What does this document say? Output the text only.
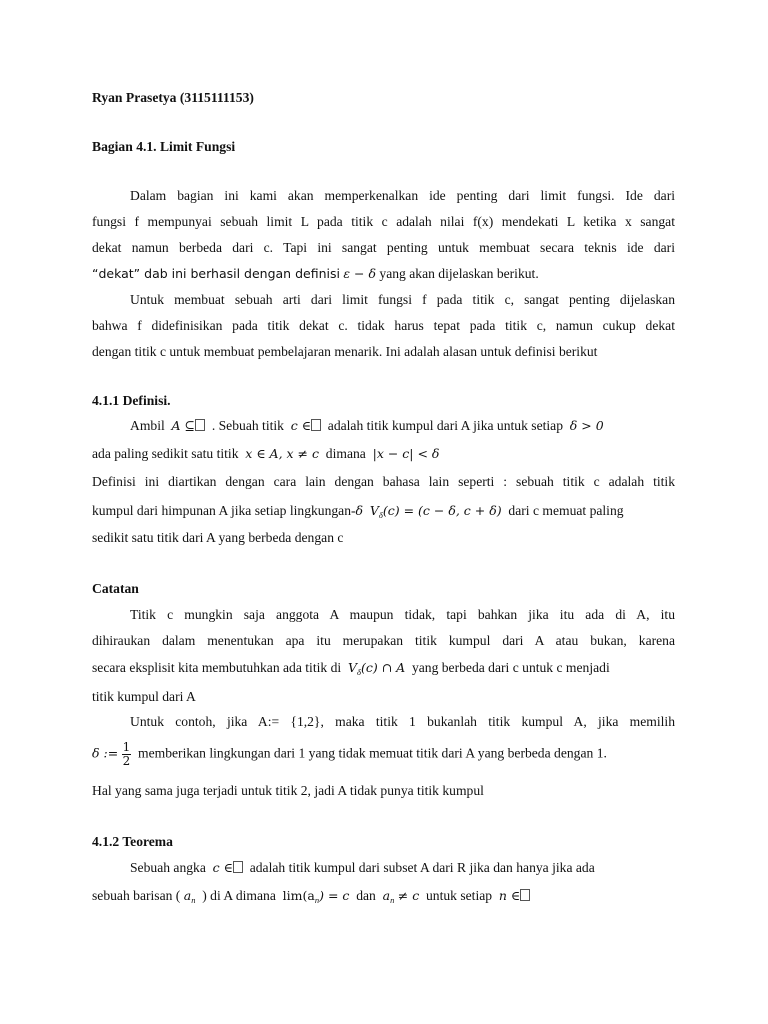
Ryan Prasetya (3115111153)
Bagian 4.1. Limit Fungsi
Dalam bagian ini kami akan memperkenalkan ide penting dari limit fungsi. Ide dari
fungsi f mempunyai sebuah limit L pada titik c adalah nilai f(x) mendekati L ketika x sangat
dekat namun berbeda dari c. Tapi ini sangat penting untuk membuat secara teknis ide dari
“dekat” dab ini berhasil dengan definisi ε − δ yang akan dijelaskan berikut.
Untuk membuat sebuah arti dari limit fungsi f pada titik c, sangat penting dijelaskan
bahwa f didefinisikan pada titik dekat c. tidak harus tepat pada titik c, namun cukup dekat
dengan titik c untuk membuat pembelajaran menarik. Ini adalah alasan untuk definisi berikut
4.1.1 Definisi.
Ambil A ⊆ . Sebuah titik c ∈ adalah titik kumpul dari A jika untuk setiap δ > 0
ada paling sedikit satu titik x ∈ A, x ≠ c dimana |x − c| < δ
Definisi ini diartikan dengan cara lain dengan bahasa lain seperti : sebuah titik c adalah titik
kumpul dari himpunan A jika setiap lingkungan-δ $V_\delta(c) = (c - \delta$, c + δ) dari c memuat paling
sedikit satu titik dari A yang berbeda dengan c
Catatan
Titik c mungkin saja anggota A maupun tidak, tapi bahkan jika itu ada di A, itu
dihiraukan dalam menentukan apa itu merupakan titik kumpul dari A atau bukan, karena
secara eksplisit kita membutuhkan ada titik di $V_\delta(c)$ ∩ A yang berbeda dari c untuk c menjadi
titik kumpul dari A
Untuk contoh, jika A:= {1,2}, maka titik 1 bukanlah titik kumpul A, jika memilih
δ := $\frac{1}{2}$ memberikan lingkungan dari 1 yang tidak memuat titik dari A yang berbeda dengan 1.
Hal yang sama juga terjadi untuk titik 2, jadi A tidak punya titik kumpul
4.1.2 Teorema
Sebuah angka c ∈ adalah titik kumpul dari subset A dari R jika dan hanya jika ada
sebuah barisan ( $a_n$ ) di A dimana $\lim(a_n) = c$ dan $a_n \ne c$ untuk setiap n ∈
